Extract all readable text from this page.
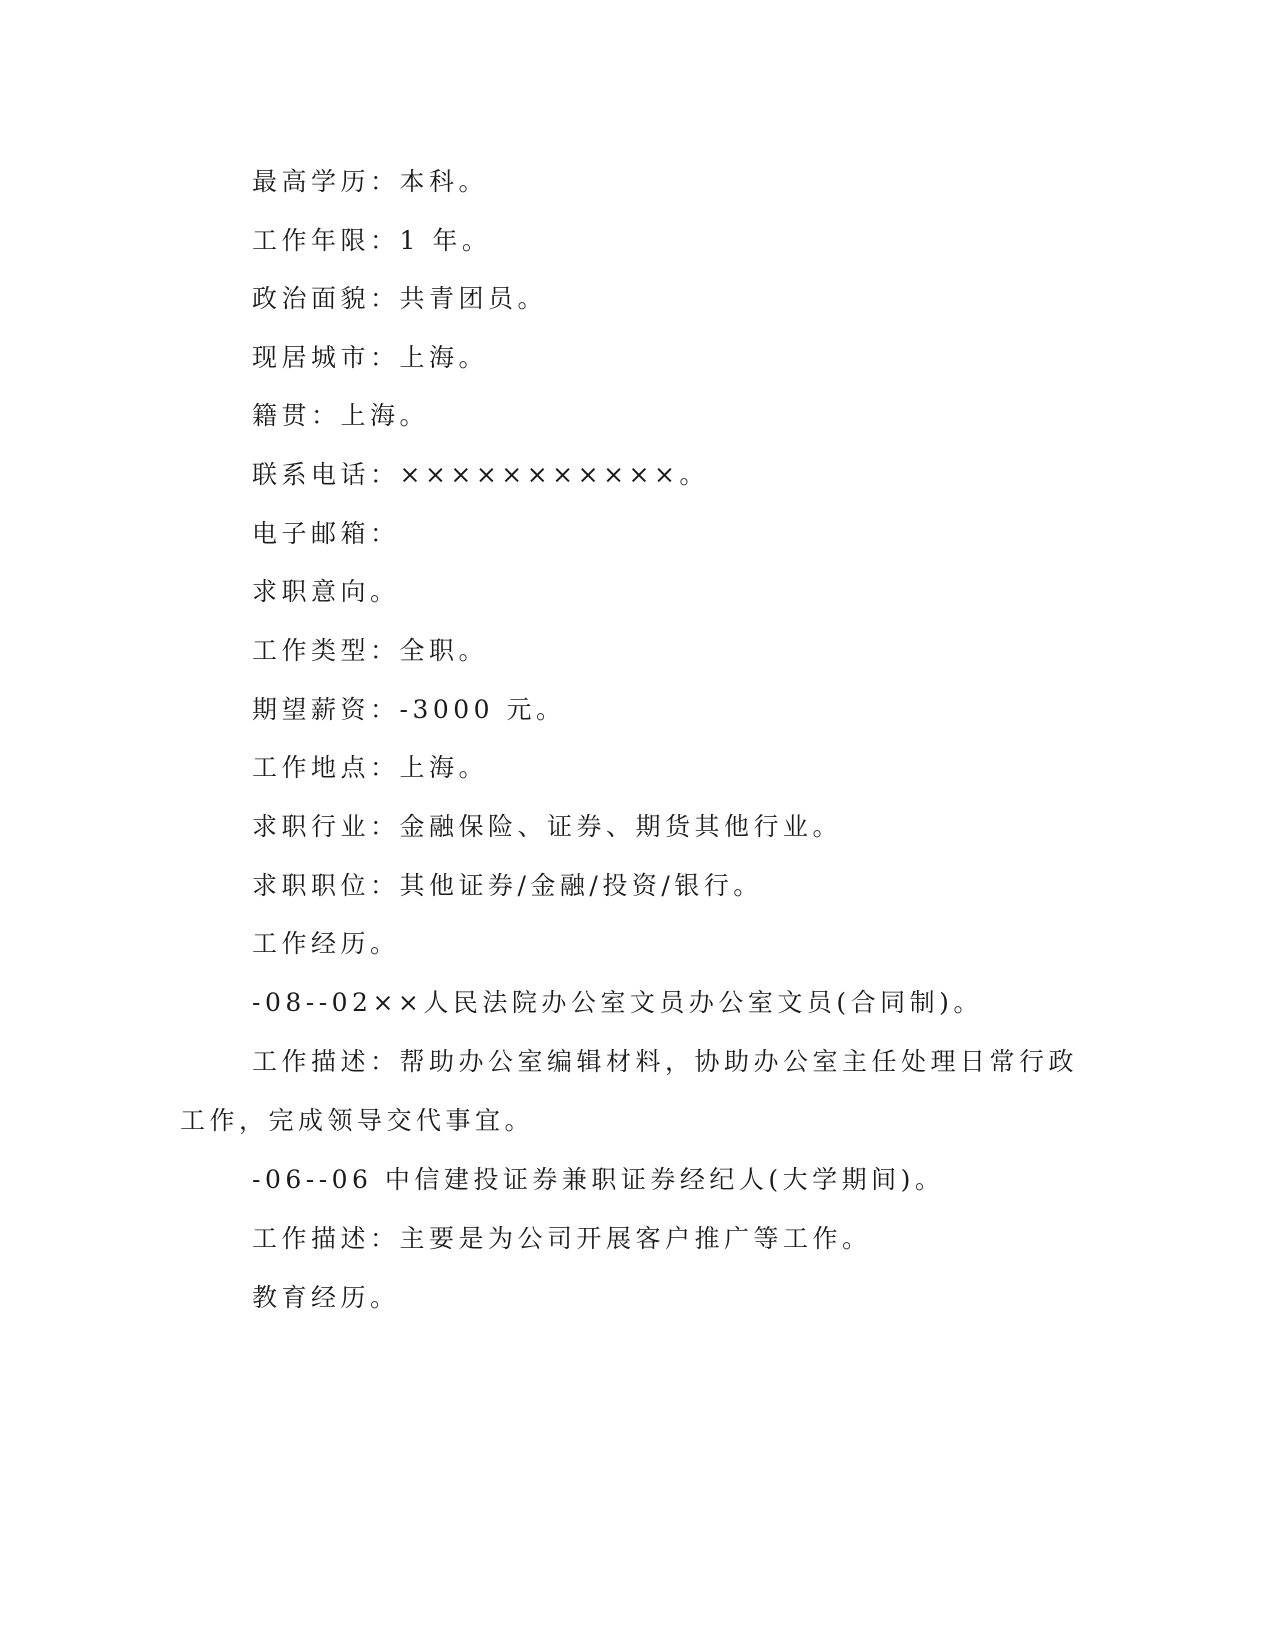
最高学历：本科。
工作年限：1 年。
政治面貌：共青团员。
现居城市：上海。
籍贯：上海。
联系电话：×××××××××××。
电子邮箱：
求职意向。
工作类型：全职。
期望薪资：-3000 元。
工作地点：上海。
求职行业：金融保险、证券、期货其他行业。
求职职位：其他证券/金融/投资/银行。
工作经历。
-08--02××人民法院办公室文员办公室文员(合同制)。
工作描述：帮助办公室编辑材料，协助办公室主任处理日常行政
工作，完成领导交代事宜。
-06--06 中信建投证券兼职证券经纪人(大学期间)。
工作描述：主要是为公司开展客户推广等工作。
教育经历。
